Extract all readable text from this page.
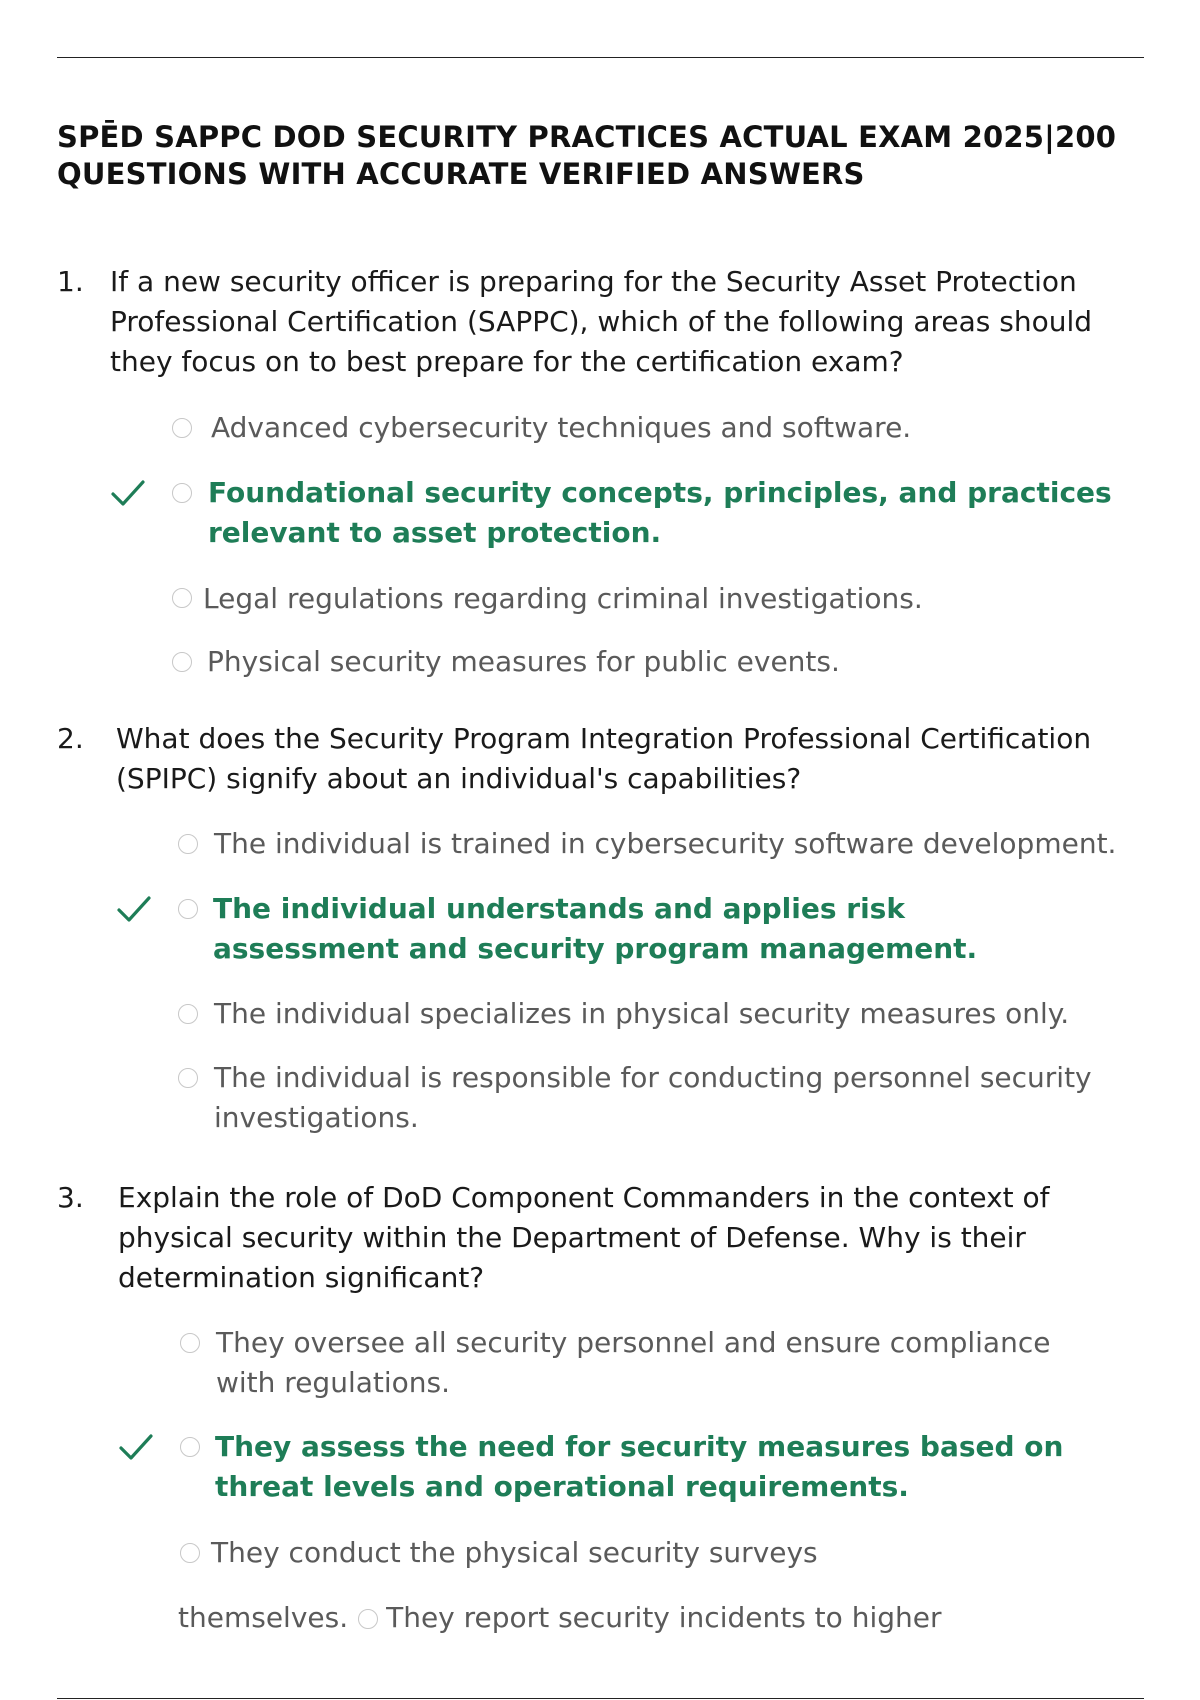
SPĒD SAPPC DOD SECURITY PRACTICES ACTUAL EXAM 2025|200 QUESTIONS WITH ACCURATE VERIFIED ANSWERS
1. If a new security officer is preparing for the Security Asset Protection Professional Certification (SAPPC), which of the following areas should they focus on to best prepare for the certification exam?
Advanced cybersecurity techniques and software.
Foundational security concepts, principles, and practices relevant to asset protection.
Legal regulations regarding criminal investigations.
Physical security measures for public events.
2. What does the Security Program Integration Professional Certification (SPIPC) signify about an individual's capabilities?
The individual is trained in cybersecurity software development.
The individual understands and applies risk assessment and security program management.
The individual specializes in physical security measures only.
The individual is responsible for conducting personnel security investigations.
3. Explain the role of DoD Component Commanders in the context of physical security within the Department of Defense. Why is their determination significant?
They oversee all security personnel and ensure compliance with regulations.
They assess the need for security measures based on threat levels and operational requirements.
They conduct the physical security surveys
themselves. They report security incidents to higher
